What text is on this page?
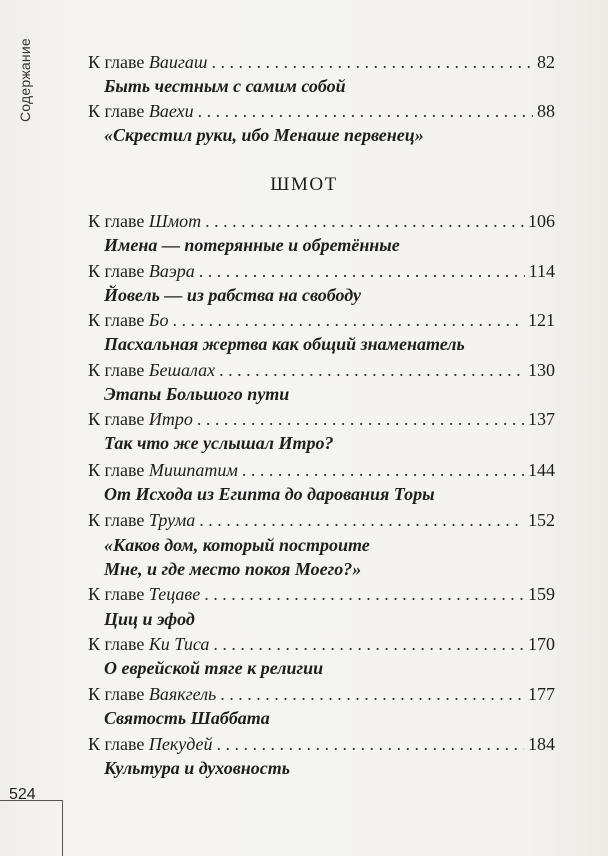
Содержание
524
К главе Ваигаш . . .	82
Быть честным с самим собой
К главе Ваехи . . .	88
«Скрестил руки, ибо Менаше первенец»
ШМОТ
К главе Шмот . . .	106
Имена — потерянные и обретённые
К главе Ваэра . . .	114
Йовель — из рабства на свободу
К главе Бо . . .	121
Пасхальная жертва как общий знаменатель
К главе Бешалах . . .	130
Этапы Большого пути
К главе Итро . . .	137
Так что же услышал Итро?
К главе Мишпатим . . .	144
От Исхода из Египта до дарования Торы
К главе Трума . . .	152
«Каков дом, который построите
Мне, и где место покоя Моего?»
К главе Тецаве . . .	159
Циц и эфод
К главе Ки Тиса . . .	170
О еврейской тяге к религии
К главе Ваякгель . . .	177
Святость Шаббата
К главе Пекудей . . .	184
Культура и духовность
